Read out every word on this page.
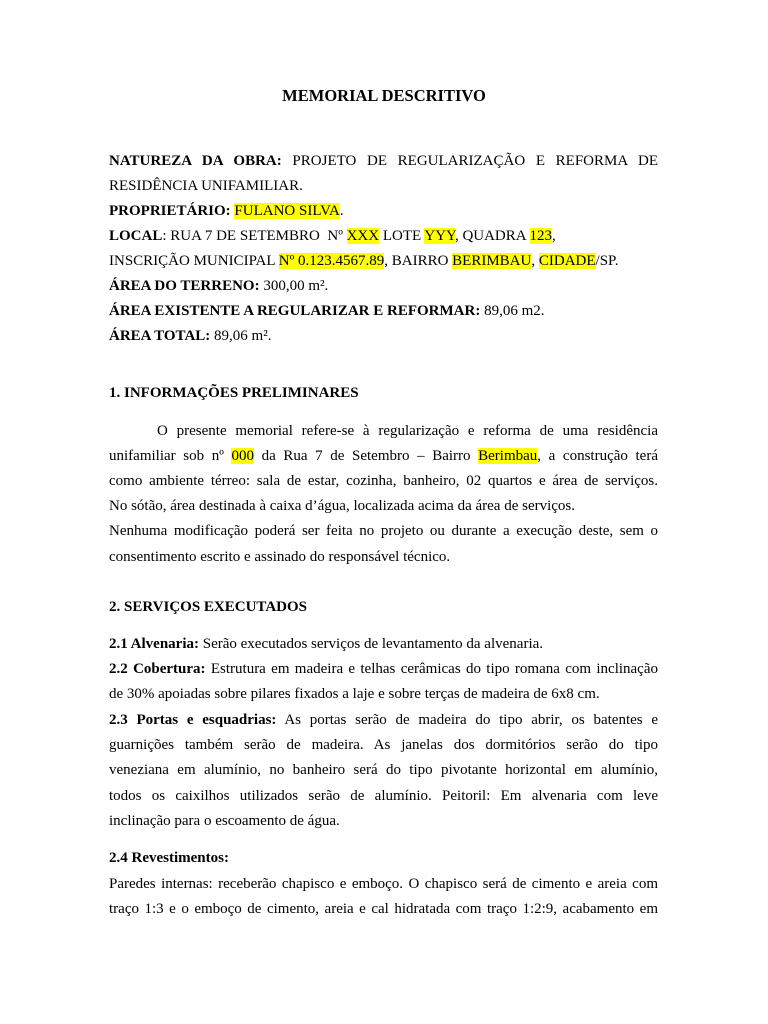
MEMORIAL DESCRITIVO
NATUREZA DA OBRA: PROJETO DE REGULARIZAÇÃO E REFORMA DE
RESIDÊNCIA UNIFAMILIAR.
PROPRIETÁRIO: FULANO SILVA.
LOCAL: RUA 7 DE SETEMBRO  Nº XXX LOTE YYY, QUADRA 123,
INSCRIÇÃO MUNICIPAL Nº 0.123.4567.89, BAIRRO BERIMBAU, CIDADE/SP.
ÁREA DO TERRENO: 300,00 m².
ÁREA EXISTENTE A REGULARIZAR E REFORMAR: 89,06 m2.
ÁREA TOTAL: 89,06 m².
1. INFORMAÇÕES PRELIMINARES
O presente memorial refere-se à regularização e reforma de uma residência
unifamiliar sob nº 000 da Rua 7 de Setembro – Bairro Berimbau, a construção terá
como ambiente térreo: sala de estar, cozinha, banheiro, 02 quartos e área de serviços.
No sótão, área destinada à caixa d’água, localizada acima da área de serviços.
Nenhuma modificação poderá ser feita no projeto ou durante a execução deste, sem o
consentimento escrito e assinado do responsável técnico.
2. SERVIÇOS EXECUTADOS
2.1 Alvenaria: Serão executados serviços de levantamento da alvenaria.
2.2 Cobertura: Estrutura em madeira e telhas cerâmicas do tipo romana com inclinação
de 30% apoiadas sobre pilares fixados a laje e sobre terças de madeira de 6x8 cm.
2.3 Portas e esquadrias: As portas serão de madeira do tipo abrir, os batentes e
guarnições também serão de madeira. As janelas dos dormitórios serão do tipo
veneziana em alumínio, no banheiro será do tipo pivotante horizontal em alumínio,
todos os caixilhos utilizados serão de alumínio. Peitoril: Em alvenaria com leve
inclinação para o escoamento de água.
2.4 Revestimentos:
Paredes internas: receberão chapisco e emboço. O chapisco será de cimento e areia com
traço 1:3 e o emboço de cimento, areia e cal hidratada com traço 1:2:9, acabamento em
